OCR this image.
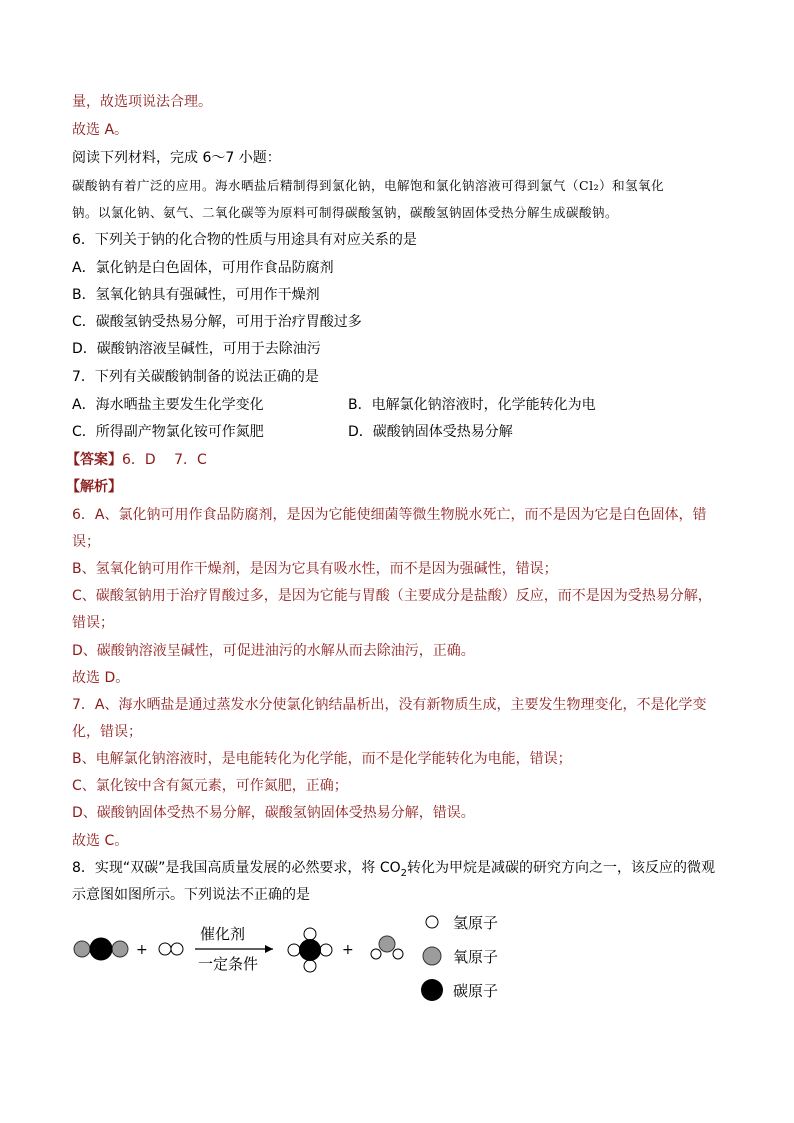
量，故选项说法合理。
故选 A。
阅读下列材料，完成 6～7 小题：
碳酸钠有着广泛的应用。海水晒盐后精制得到氯化钠，电解饱和氯化钠溶液可得到氯气（Cl₂）和氢氧化
钠。以氯化钠、氨气、二氧化碳等为原料可制得碳酸氢钠，碳酸氢钠固体受热分解生成碳酸钠。
6．下列关于钠的化合物的性质与用途具有对应关系的是
A．氯化钠是白色固体，可用作食品防腐剂
B．氢氧化钠具有强碱性，可用作干燥剂
C．碳酸氢钠受热易分解，可用于治疗胃酸过多
D．碳酸钠溶液呈碱性，可用于去除油污
7．下列有关碳酸钠制备的说法正确的是
A．海水晒盐主要发生化学变化	B．电解氯化钠溶液时，化学能转化为电
C．所得副产物氯化铵可作氮肥	D．碳酸钠固体受热易分解
【答案】6．D　 7．C
【解析】
6．A、氯化钠可用作食品防腐剂，是因为它能使细菌等微生物脱水死亡，而不是因为它是白色固体，错
误；
B、氢氧化钠可用作干燥剂，是因为它具有吸水性，而不是因为强碱性，错误；
C、碳酸氢钠用于治疗胃酸过多，是因为它能与胃酸（主要成分是盐酸）反应，而不是因为受热易分解，
错误；
D、碳酸钠溶液呈碱性，可促进油污的水解从而去除油污，正确。
故选 D。
7．A、海水晒盐是通过蒸发水分使氯化钠结晶析出，没有新物质生成，主要发生物理变化，不是化学变
化，错误；
B、电解氯化钠溶液时，是电能转化为化学能，而不是化学能转化为电能，错误；
C、氯化铵中含有氮元素，可作氮肥，正确；
D、碳酸钠固体受热不易分解，碳酸氢钠固体受热易分解，错误。
故选 C。
8．实现“双碳”是我国高质量发展的必然要求，将 $CO_2$转化为甲烷是减碳的研究方向之一，该反应的微观
示意图如图所示。下列说法不正确的是
+
催化剂
一定条件
+
氢原子
氧原子
碳原子
